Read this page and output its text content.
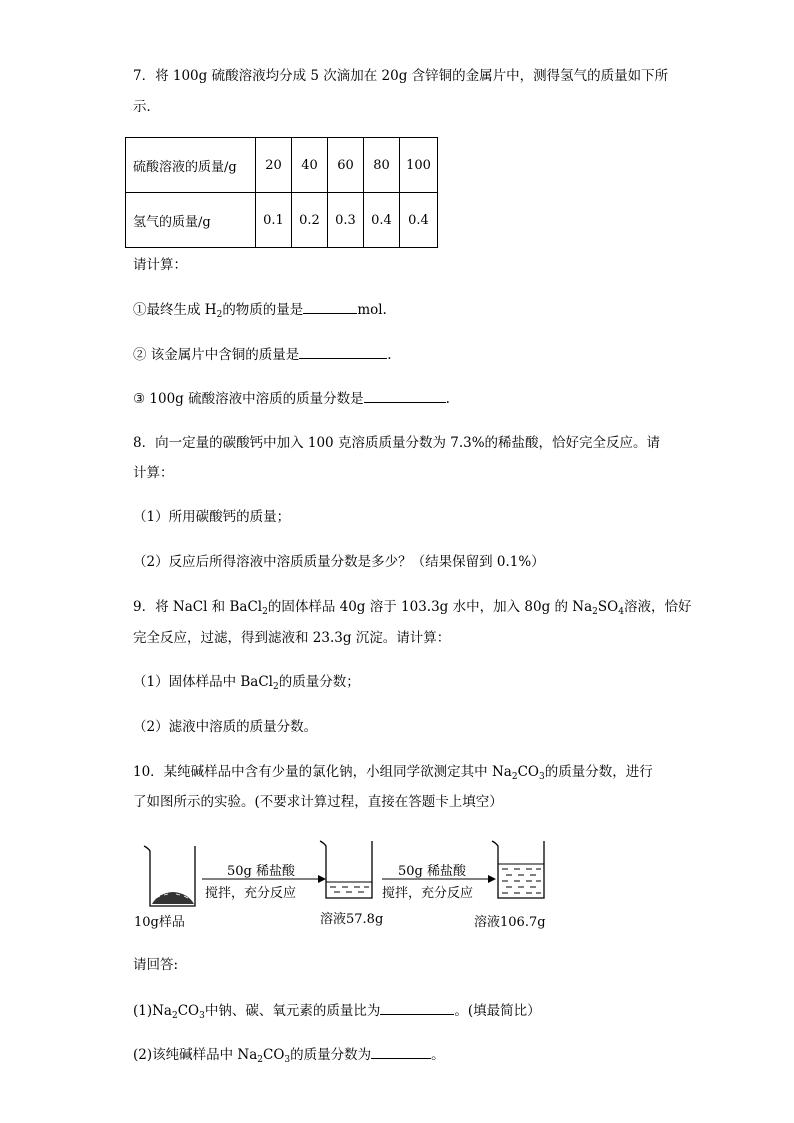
7．将 100g 硫酸溶液均分成 5 次滴加在 20g 含锌铜的金属片中，测得氢气的质量如下所
示．
硫酸溶液的质量/g	20	40	60	80	100
氢气的质量/g	0.1	0.2	0.3	0.4	0.4
请计算：
①最终生成 $H_2$的物质的量是	mol.
② 该金属片中含铜的质量是	.
③ 100g 硫酸溶液中溶质的质量分数是	.
8．向一定量的碳酸钙中加入 100 克溶质质量分数为 7.3%的稀盐酸，恰好完全反应。请
计算：
（1）所用碳酸钙的质量；
（2）反应后所得溶液中溶质质量分数是多少？（结果保留到 0.1%）
9．将 NaCl 和 BaCl$_2$的固体样品 40g 溶于 103.3g 水中，加入 80g 的 $Na_2SO_4$溶液，恰好
完全反应，过滤，得到滤液和 23.3g 沉淀。请计算：
（1）固体样品中 BaCl$_2$的质量分数；
（2）滤液中溶质的质量分数。
10．某纯碱样品中含有少量的氯化钠，小组同学欲测定其中 $Na_2CO_3$的质量分数，进行
了如图所示的实验。(不要求计算过程，直接在答题卡上填空）
50g 稀盐酸
搅拌，充分反应
50g 稀盐酸
搅拌，充分反应
10g样品	溶液57.8g	溶液106.7g
请回答:
$(1)Na_2CO_3$中钠、碳、氧元素的质量比为	。(填最简比）
(2)该纯碱样品中 $Na_2CO_3$的质量分数为	。
